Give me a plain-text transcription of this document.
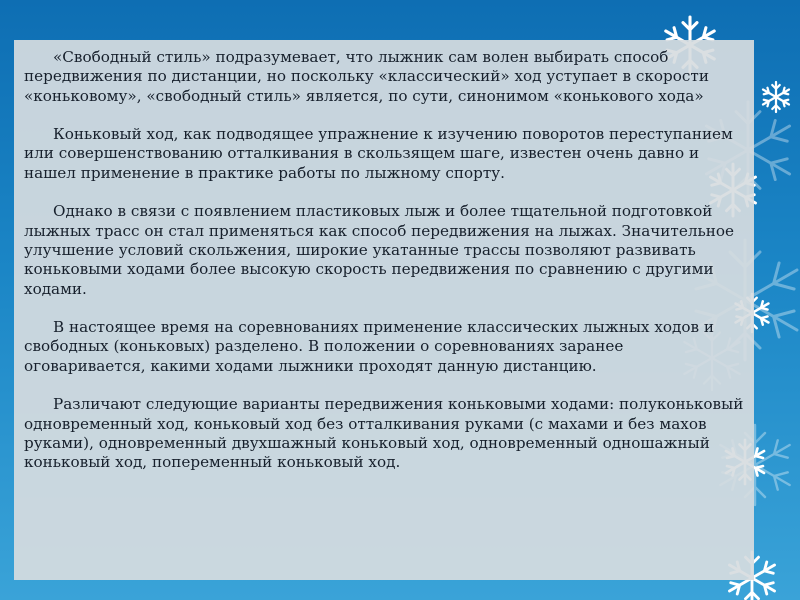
«Свободный стиль» подразумевает, что лыжник сам волен выбирать способ передвижения по дистанции, но поскольку «классический» ход уступает в скорости «коньковому», «свободный стиль» является, по сути, синонимом «конькового хода»

Коньковый ход, как подводящее упражнение к изучению поворотов переступанием или совершенствованию отталкивания в скользящем шаге, известен очень давно и нашел применение в практике работы по лыжному спорту.

Однако в связи с появлением пластиковых лыж и более тщательной подготовкой лыжных трасс он стал применяться как способ передвижения на лыжах. Значительное улучшение условий скольжения, широкие укатанные трассы позволяют развивать коньковыми ходами более высокую скорость передвижения по сравнению с другими ходами.

В настоящее время на соревнованиях применение классических лыжных ходов и свободных (коньковых) разделено. В положении о соревнованиях заранее оговаривается, какими ходами лыжники проходят данную дистанцию.

Различают следующие варианты передвижения коньковыми ходами: полуконьковый одновременный ход, коньковый ход без отталкивания руками (с махами и без махов руками), одновременный двухшажный коньковый ход, одновременный одношажный коньковый ход, попеременный коньковый ход.
